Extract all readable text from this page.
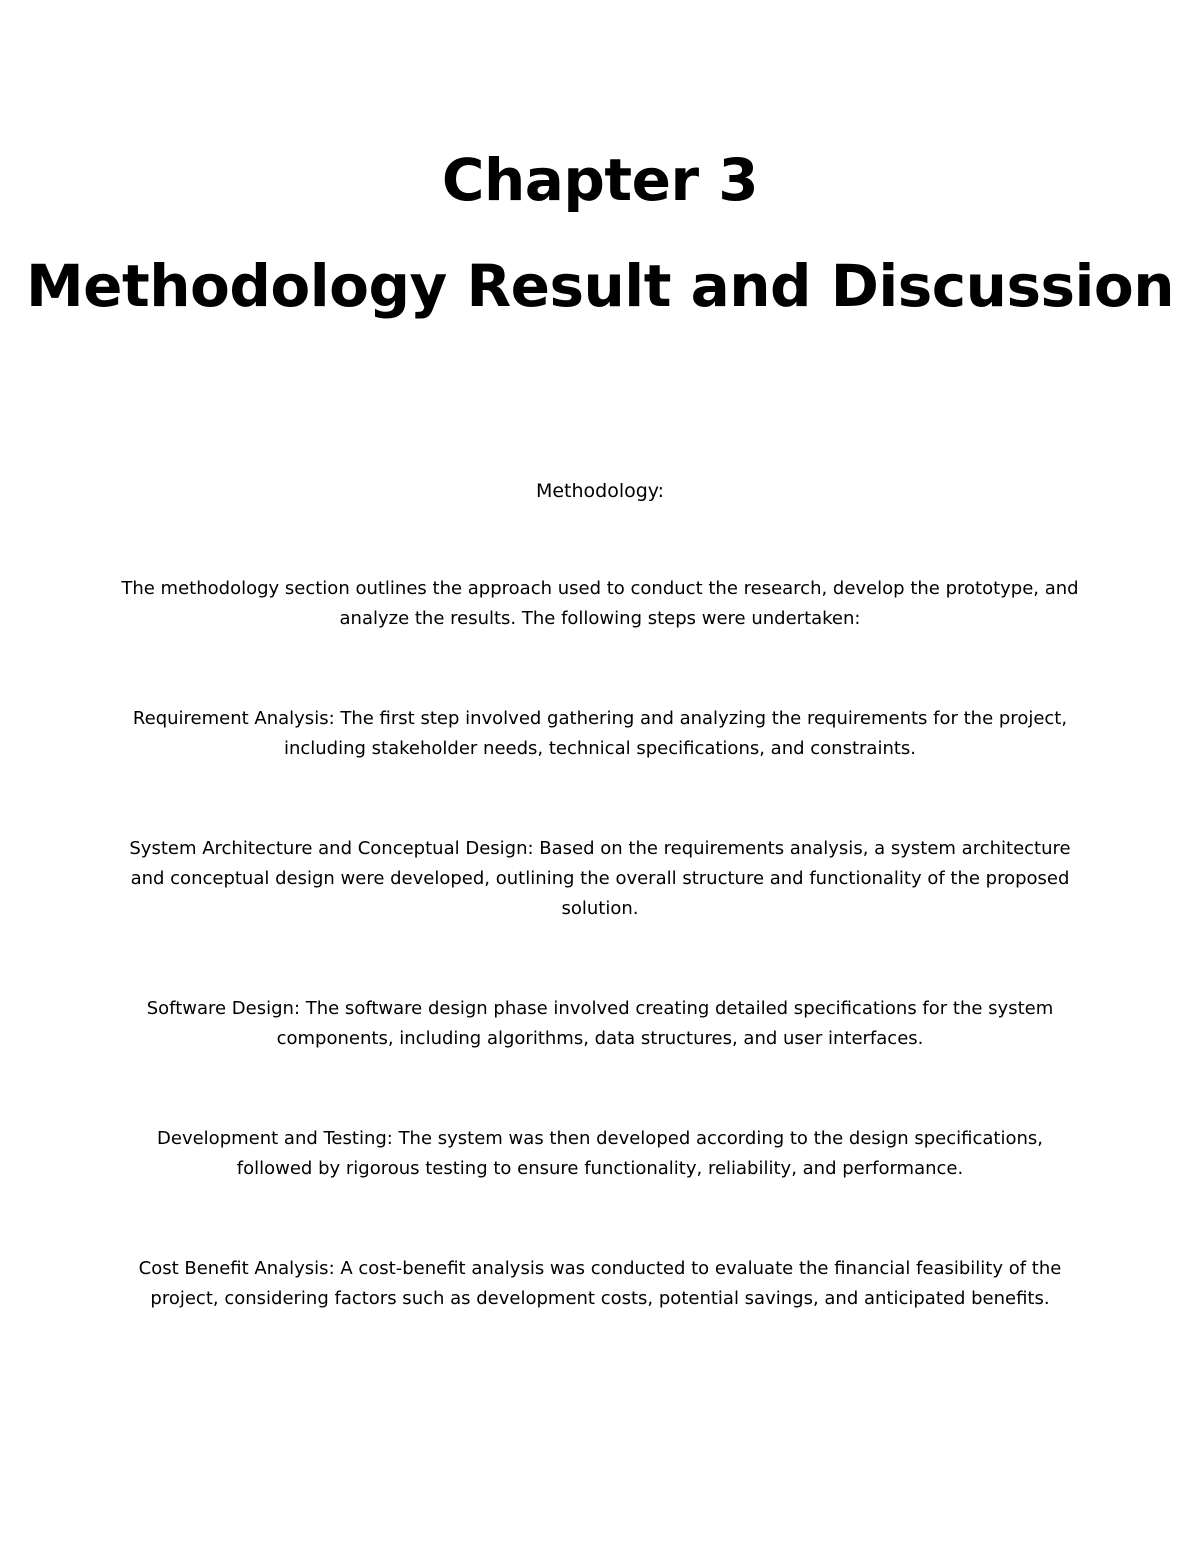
Chapter 3
Methodology Result and Discussion

Methodology:

The methodology section outlines the approach used to conduct the research, develop the prototype, and analyze the results. The following steps were undertaken:

Requirement Analysis: The first step involved gathering and analyzing the requirements for the project, including stakeholder needs, technical specifications, and constraints.

System Architecture and Conceptual Design: Based on the requirements analysis, a system architecture and conceptual design were developed, outlining the overall structure and functionality of the proposed solution.

Software Design: The software design phase involved creating detailed specifications for the system components, including algorithms, data structures, and user interfaces.

Development and Testing: The system was then developed according to the design specifications, followed by rigorous testing to ensure functionality, reliability, and performance.

Cost Benefit Analysis: A cost-benefit analysis was conducted to evaluate the financial feasibility of the project, considering factors such as development costs, potential savings, and anticipated benefits.
